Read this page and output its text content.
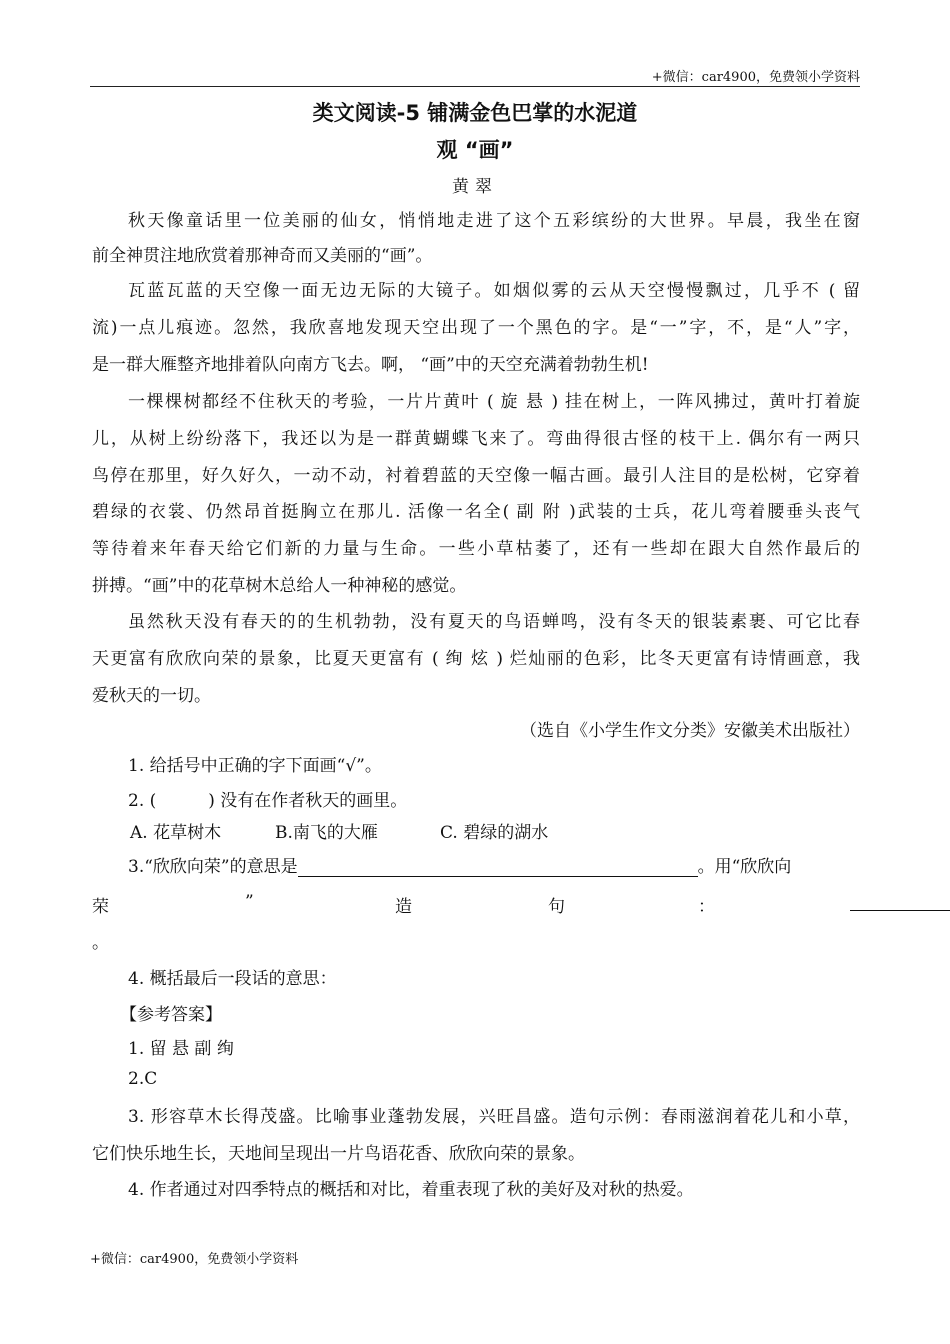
+微信：car4900，免费领小学资料
类文阅读-5 铺满金色巴掌的水泥道
观 “画”
黄翠
秋天像童话里一位美丽的仙女，悄悄地走进了这个五彩缤纷的大世界。早晨，我坐在窗
前全神贯注地欣赏着那神奇而又美丽的“画”。
瓦蓝瓦蓝的天空像一面无边无际的大镜子。如烟似雾的云从天空慢慢飘过，几乎不 ( 留
流)一点儿痕迹。忽然，我欣喜地发现天空出现了一个黑色的字。是“一”字，不，是“人”字，
是一群大雁整齐地排着队向南方飞去。啊， “画”中的天空充满着勃勃生机!
一棵棵树都经不住秋天的考验，一片片黄叶 ( 旋 悬 ) 挂在树上，一阵风拂过，黄叶打着旋
儿，从树上纷纷落下，我还以为是一群黄蝴蝶飞来了。弯曲得很古怪的枝干上. 偶尔有一两只
鸟停在那里，好久好久，一动不动，衬着碧蓝的天空像一幅古画。最引人注目的是松树，它穿着
碧绿的衣裳、仍然昂首挺胸立在那儿. 活像一名全( 副 附 )武装的士兵，花儿弯着腰垂头丧气
等待着来年春天给它们新的力量与生命。一些小草枯萎了，还有一些却在跟大自然作最后的
拼搏。“画”中的花草树木总给人一种神秘的感觉。
虽然秋天没有春天的的生机勃勃，没有夏天的鸟语蝉鸣，没有冬天的银装素裹、可它比春
天更富有欣欣向荣的景象，比夏天更富有 ( 绚 炫 ) 烂灿丽的色彩，比冬天更富有诗情画意，我
爱秋天的一切。
（选自《小学生作文分类》安徽美术出版社）
1. 给括号中正确的字下面画“√”。
2. (	) 没有在作者秋天的画里。
A. 花草树木	B.南飞的大雁	C. 碧绿的湖水
3.“欣欣向荣”的意思是	。用“欣欣向
荣	”	造	句	：
。
4. 概括最后一段话的意思：
【参考答案】
1. 留 悬 副 绚
2.C
3. 形容草木长得茂盛。比喻事业蓬勃发展，兴旺昌盛。造句示例：春雨滋润着花儿和小草，
它们快乐地生长，天地间呈现出一片鸟语花香、欣欣向荣的景象。
4. 作者通过对四季特点的概括和对比，着重表现了秋的美好及对秋的热爱。
+微信：car4900，免费领小学资料
